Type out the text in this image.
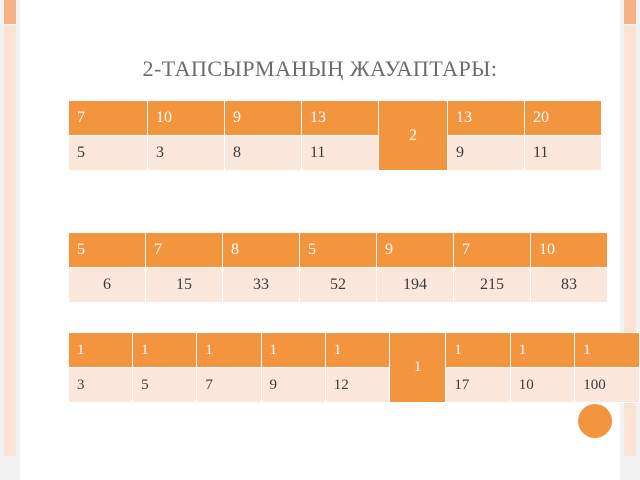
2-ТАПСЫРМАНЫҢ ЖАУАПТАРЫ:
7	10	9	13	2	13	20
5	3	8	11		9	11
5	7	8	5	9	7	10
6	15	33	52	194	215	83
1	1	1	1	1	1	1	1	1
3	5	7	9	12		17	10	100
